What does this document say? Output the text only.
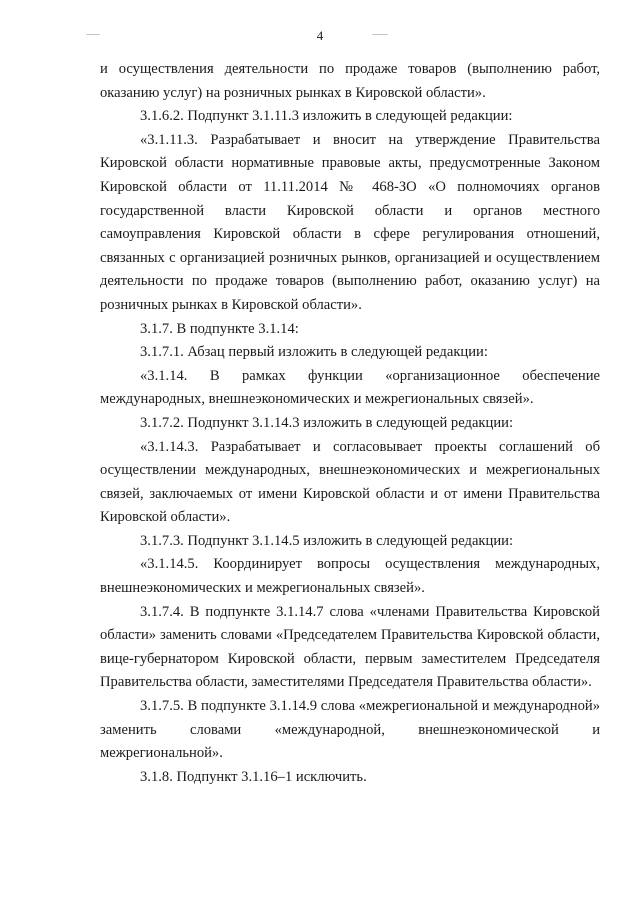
4

и осуществления деятельности по продаже товаров (выполнению работ, оказанию услуг) на розничных рынках в Кировской области».

3.1.6.2. Подпункт 3.1.11.3 изложить в следующей редакции:

«3.1.11.3. Разрабатывает и вносит на утверждение Правительства Кировской области нормативные правовые акты, предусмотренные Законом Кировской области от 11.11.2014 № 468-ЗО «О полномочиях органов государственной власти Кировской области и органов местного самоуправления Кировской области в сфере регулирования отношений, связанных с организацией розничных рынков, организацией и осуществлением деятельности по продаже товаров (выполнению работ, оказанию услуг) на розничных рынках в Кировской области».

3.1.7. В подпункте 3.1.14:

3.1.7.1. Абзац первый изложить в следующей редакции:

«3.1.14. В рамках функции «организационное обеспечение международных, внешнеэкономических и межрегиональных связей».

3.1.7.2. Подпункт 3.1.14.3 изложить в следующей редакции:

«3.1.14.3. Разрабатывает и согласовывает проекты соглашений об осуществлении международных, внешнеэкономических и межрегиональных связей, заключаемых от имени Кировской области и от имени Правительства Кировской области».

3.1.7.3. Подпункт 3.1.14.5 изложить в следующей редакции:

«3.1.14.5. Координирует вопросы осуществления международных, внешнеэкономических и межрегиональных связей».

3.1.7.4. В подпункте 3.1.14.7 слова «членами Правительства Кировской области» заменить словами «Председателем Правительства Кировской области, вице-губернатором Кировской области, первым заместителем Председателя Правительства области, заместителями Председателя Правительства области».

3.1.7.5. В подпункте 3.1.14.9 слова «межрегиональной и международной» заменить словами «международной, внешнеэкономической и межрегиональной».

3.1.8. Подпункт 3.1.16–1 исключить.
